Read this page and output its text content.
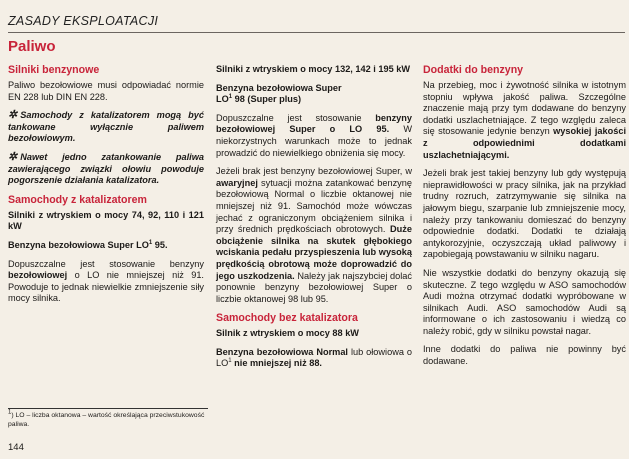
ZASADY EKSPLOATACJI
Paliwo
Silniki benzynowe

Paliwo bezołowiowe musi odpowiadać normie EN 228 lub DIN EN 228.

✲ Samochody z katalizatorem mogą być tankowane wyłącznie paliwem bezołowiowym.

✲ Nawet jedno zatankowanie paliwa zawierającego związki ołowiu powoduje pogorszenie działania katalizatora.

Samochody z katalizatorem

Silniki z wtryskiem o mocy 74, 92, 110 i 121 kW

Benzyna bezołowiowa Super $LO^1$ 95.

Dopuszczalne jest stosowanie benzyny bezołowiowej o LO nie mniejszej niż 91. Powoduje to jednak niewielkie zmniejszenie siły mocy silnika.

Silniki z wtryskiem o mocy 132, 142 i 195 kW

Benzyna bezołowiowa Super
$LO^1$ 98 (Super plus)

Dopuszczalne jest stosowanie benzyny bezołowiowej Super o LO 95. W niekorzystnych warunkach może to jednak prowadzić do niewielkiego obniżenia się mocy.

Jeżeli brak jest benzyny bezołowiowej Super, w awaryjnej sytuacji można zatankować benzynę bezołowiową Normal o liczbie oktanowej nie mniejszej niż 91. Samochód może wówczas jechać z ograniczonym obciążeniem silnika i przy średnich prędkościach obrotowych. Duże obciążenie silnika na skutek głębokiego wciskania pedału przyspieszenia lub wysoką prędkością obrotową może doprowadzić do jego uszkodzenia. Należy jak najszybciej dolać ponownie benzyny bezołowiowej Super o liczbie oktanowej 98 lub 95.

Samochody bez katalizatora

Silnik z wtryskiem o mocy 88 kW

Benzyna bezołowiowa Normal lub ołowiowa o $LO^1$ nie mniejszej niż 88.

Dodatki do benzyny

Na przebieg, moc i żywotność silnika w istotnym stopniu wpływa jakość paliwa. Szczególne znaczenie mają przy tym dodawane do benzyny dodatki uszlachetniające. Z tego względu zaleca się stosowanie jedynie benzyn wysokiej jakości z odpowiednimi dodatkami uszlachetniającymi.

Jeżeli brak jest takiej benzyny lub gdy występują nieprawidłowości w pracy silnika, jak na przykład trudny rozruch, zatrzymywanie się silnika na jałowym biegu, szarpanie lub zmniejszenie mocy, należy przy tankowaniu domieszać do benzyny odpowiednie dodatki. Dodatki te działają antykorozyjnie, oczyszczają układ paliwowy i zapobiegają powstawaniu w silniku nagaru.

Nie wszystkie dodatki do benzyny okazują się skuteczne. Z tego względu w ASO samochodów Audi można otrzymać dodatki wypróbowane w silnikach Audi. ASO samochodów Audi są informowane o ich zastosowaniu i wiedzą co należy robić, gdy w silniku powstał nagar.

Inne dodatki do paliwa nie powinny być dodawane.

$^1$) LO – liczba oktanowa – wartość określająca przeciwstukowość paliwa.
144
